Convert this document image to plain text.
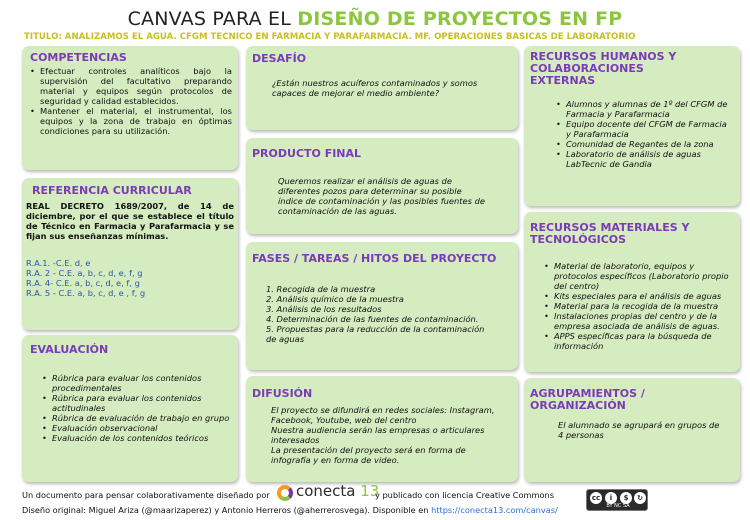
CANVAS PARA EL DISEÑO DE PROYECTOS EN FP
TÍTULO: ANALIZAMOS EL AGUA. CFGM TÉCNICO EN FARMACIA Y PARAFARMACIA. MF. OPERACIONES BÁSICAS DE LABORATORIO
COMPETENCIAS
• Efectuar controles analíticos bajo la supervisión del facultativo preparando material y equipos según protocolos de seguridad y calidad establecidos.
• Mantener el material, el instrumental, los equipos y la zona de trabajo en óptimas condiciones para su utilización.
REFERENCIA CURRICULAR
REAL DECRETO 1689/2007, de 14 de diciembre, por el que se establece el título de Técnico en Farmacia y Parafarmacia y se fijan sus enseñanzas mínimas.
R.A.1. -C.E. d, e
R.A. 2 - C.E. a, b, c, d, e, f, g
R.A. 4- C.E. a, b, c, d, e, f, g
R.A. 5 - C.E. a, b, c, d, e , f, g
EVALUACIÓN
• Rúbrica para evaluar los contenidos procedimentales
• Rúbrica para evaluar los contenidos actitudinales
• Rúbrica de evaluación de trabajo en grupo
• Evaluación observacional
• Evaluación de los contenidos teóricos
DESAFÍO
¿Están nuestros acuíferos contaminados y somos capaces de mejorar el medio ambiente?
PRODUCTO FINAL
Queremos realizar el análisis de aguas de diferentes pozos para determinar su posible índice de contaminación y las posibles fuentes de contaminación de las aguas.
FASES / TAREAS / HITOS DEL PROYECTO
1. Recogida de la muestra
2. Análisis químico de la muestra
3. Análisis de los resultados
4. Determinación de las fuentes de contaminación.
5. Propuestas para la reducción de la contaminación de aguas
DIFUSIÓN
El proyecto se difundirá en redes sociales: Instagram, Facebook, Youtube, web del centro
Nuestra audiencia serán las empresas o articulares interesados
La presentación del proyecto será en forma de infografía y en forma de video.
RECURSOS HUMANOS Y COLABORACIONES EXTERNAS
• Alumnos y alumnas de 1º del CFGM de Farmacia y Parafarmacia
• Equipo docente del CFGM de Farmacia y Parafarmacia
• Comunidad de Regantes de la zona
• Laboratorio de análisis de aguas LabTecnic de Gandia
RECURSOS MATERIALES Y TECNOLÓGICOS
• Material de laboratorio, equipos y protocolos específicos (Laboratorio propio del centro)
• Kits especiales para el análisis de aguas
• Material para la recogida de la muestra
• Instalaciones propias del centro y de la empresa asociada de análisis de aguas.
• APPS específicas para la búsqueda de información
AGRUPAMIENTOS / ORGANIZACIÓN
El alumnado se agrupará en grupos de 4 personas
Un documento para pensar colaborativamente diseñado por conecta 13
y publicado con licencia Creative Commons
Diseño original: Miguel Ariza (@maarizaperez) y Antonio Herreros (@aherrerosvega). Disponible en https://conecta13.com/canvas/
cc	i	$	↻
BY NC SA
